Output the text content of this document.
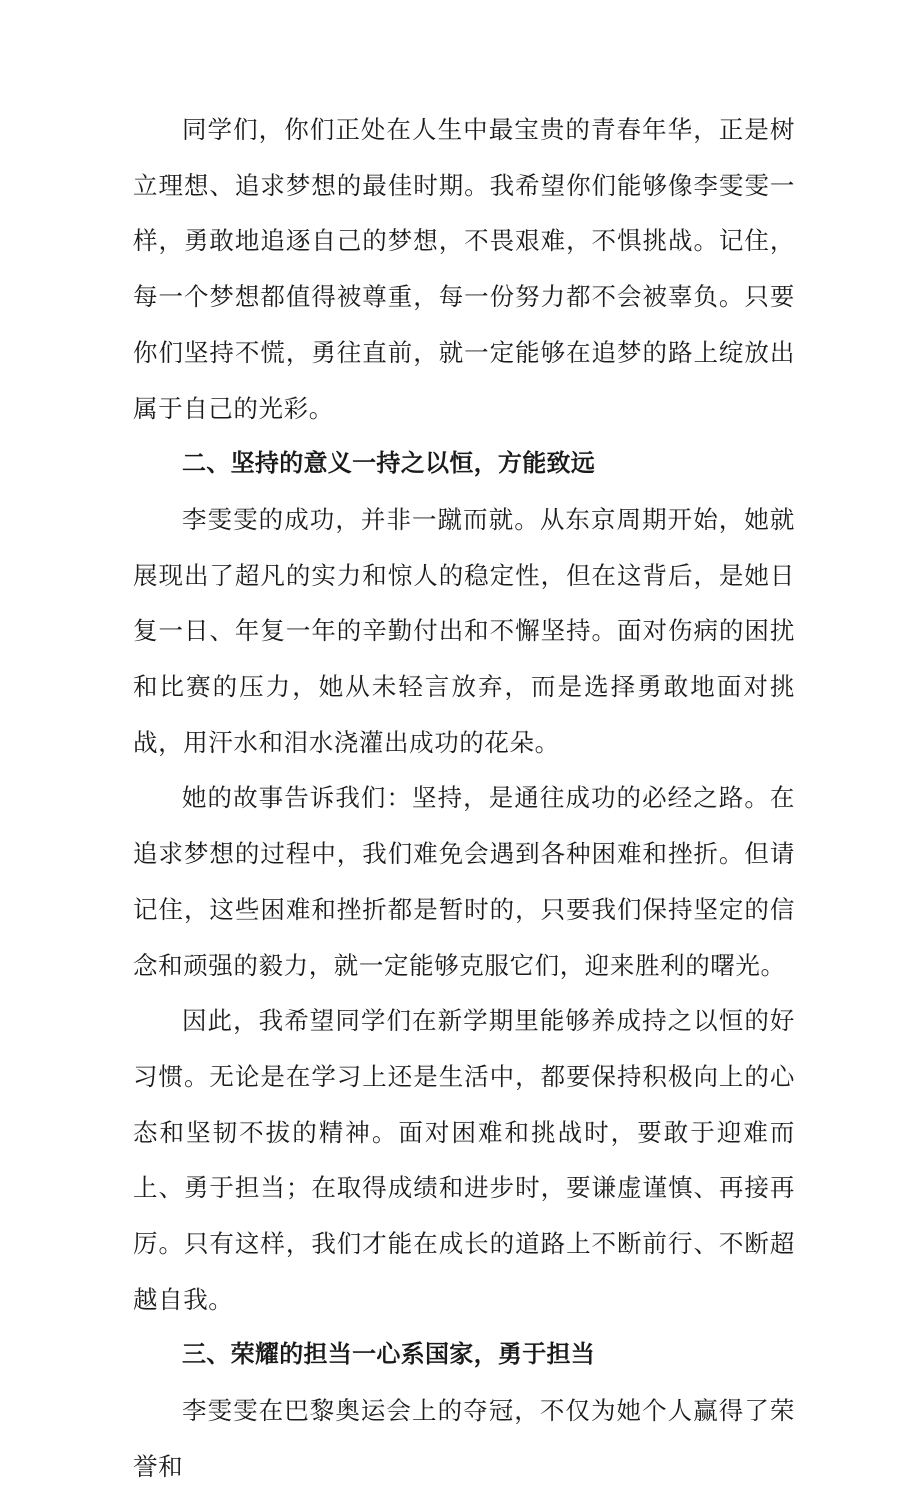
同学们，你们正处在人生中最宝贵的青春年华，正是树立理想、追求梦想的最佳时期。我希望你们能够像李雯雯一样，勇敢地追逐自己的梦想，不畏艰难，不惧挑战。记住，每一个梦想都值得被尊重，每一份努力都不会被辜负。只要你们坚持不慌，勇往直前，就一定能够在追梦的路上绽放出属于自己的光彩。

二、坚持的意义一持之以恒，方能致远

李雯雯的成功，并非一蹴而就。从东京周期开始，她就展现出了超凡的实力和惊人的稳定性，但在这背后，是她日复一日、年复一年的辛勤付出和不懈坚持。面对伤病的困扰和比赛的压力，她从未轻言放弃，而是选择勇敢地面对挑战，用汗水和泪水浇灌出成功的花朵。

她的故事告诉我们：坚持，是通往成功的必经之路。在追求梦想的过程中，我们难免会遇到各种困难和挫折。但请记住，这些困难和挫折都是暂时的，只要我们保持坚定的信念和顽强的毅力，就一定能够克服它们，迎来胜利的曙光。

因此，我希望同学们在新学期里能够养成持之以恒的好习惯。无论是在学习上还是生活中，都要保持积极向上的心态和坚韧不拔的精神。面对困难和挑战时，要敢于迎难而上、勇于担当；在取得成绩和进步时，要谦虚谨慎、再接再厉。只有这样，我们才能在成长的道路上不断前行、不断超越自我。

三、荣耀的担当一心系国家，勇于担当

李雯雯在巴黎奥运会上的夺冠，不仅为她个人赢得了荣誉和
